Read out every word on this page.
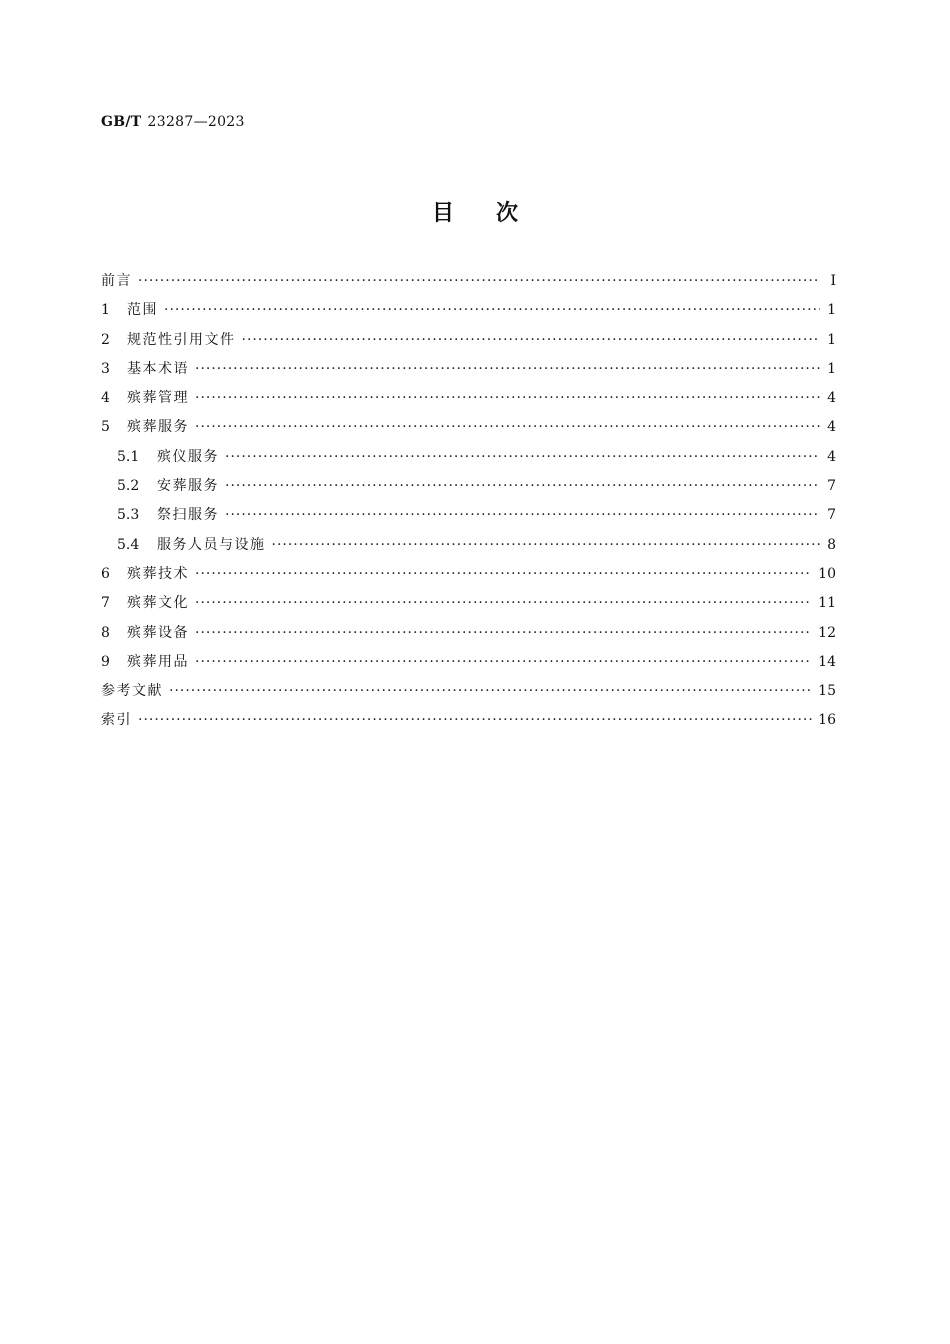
GB/T 23287—2023
目次
前言 ·····	Ⅰ
1	范围 ·····	1
2	规范性引用文件 ·····	1
3	基本术语 ·····	1
4	殡葬管理 ·····	4
5	殡葬服务 ·····	4
5.1	殡仪服务 ·····	4
5.2	安葬服务 ·····	7
5.3	祭扫服务 ·····	7
5.4	服务人员与设施 ·····	8
6	殡葬技术 ·····	10
7	殡葬文化 ·····	11
8	殡葬设备 ·····	12
9	殡葬用品 ·····	14
参考文献 ·····	15
索引 ·····	16
